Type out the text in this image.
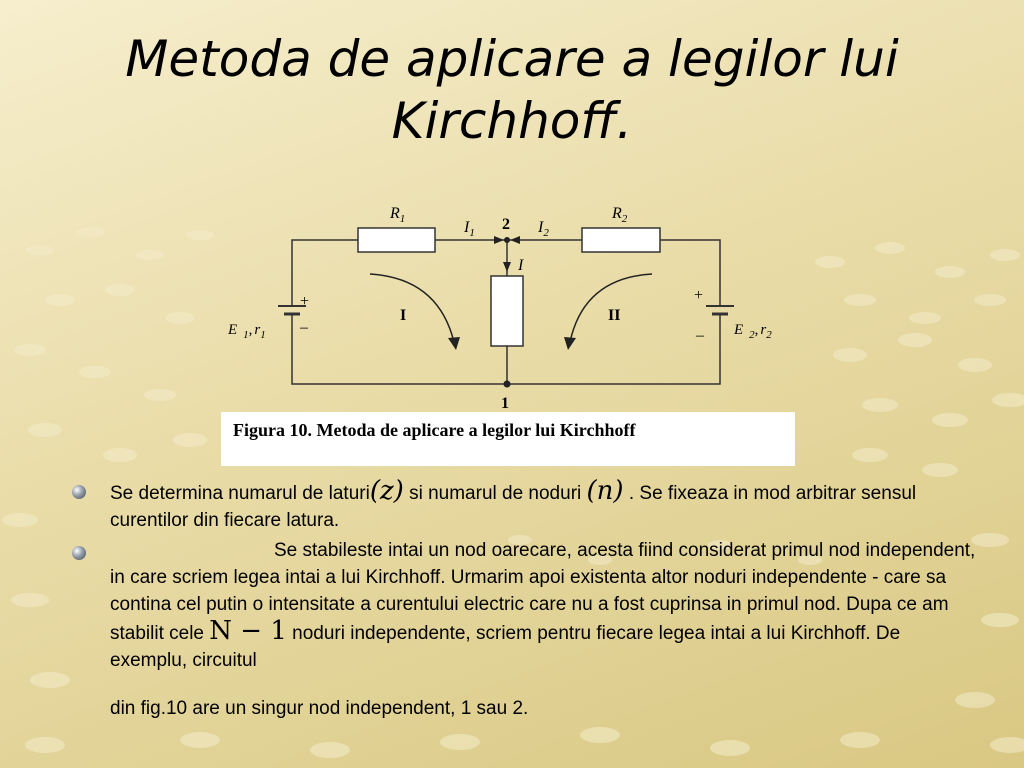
Metoda de aplicare a legilor lui Kirchhoff.
$R_1$	$R_2$
$I_1$	$I_2$
2
I
1
I	II
+
–
+
–
E $_1$, $r_1$	E $_2$, $r_2$
Figura 10. Metoda de aplicare a legilor lui Kirchhoff

Se determina numarul de laturi(z) si numarul de noduri (n) . Se fixeaza in mod arbitrar sensul curentilor din fiecare latura.

Se stabileste intai un nod oarecare, acesta fiind considerat primul nod independent, in care scriem legea intai a lui Kirchhoff. Urmarim apoi existenta altor noduri independente - care sa contina cel putin o intensitate a curentului electric care nu a fost cuprinsa in primul nod. Dupa ce am stabilit cele N − 1 noduri independente, scriem pentru fiecare legea intai a lui Kirchhoff. De exemplu, circuitul

din fig.10 are un singur nod independent, 1 sau 2.
